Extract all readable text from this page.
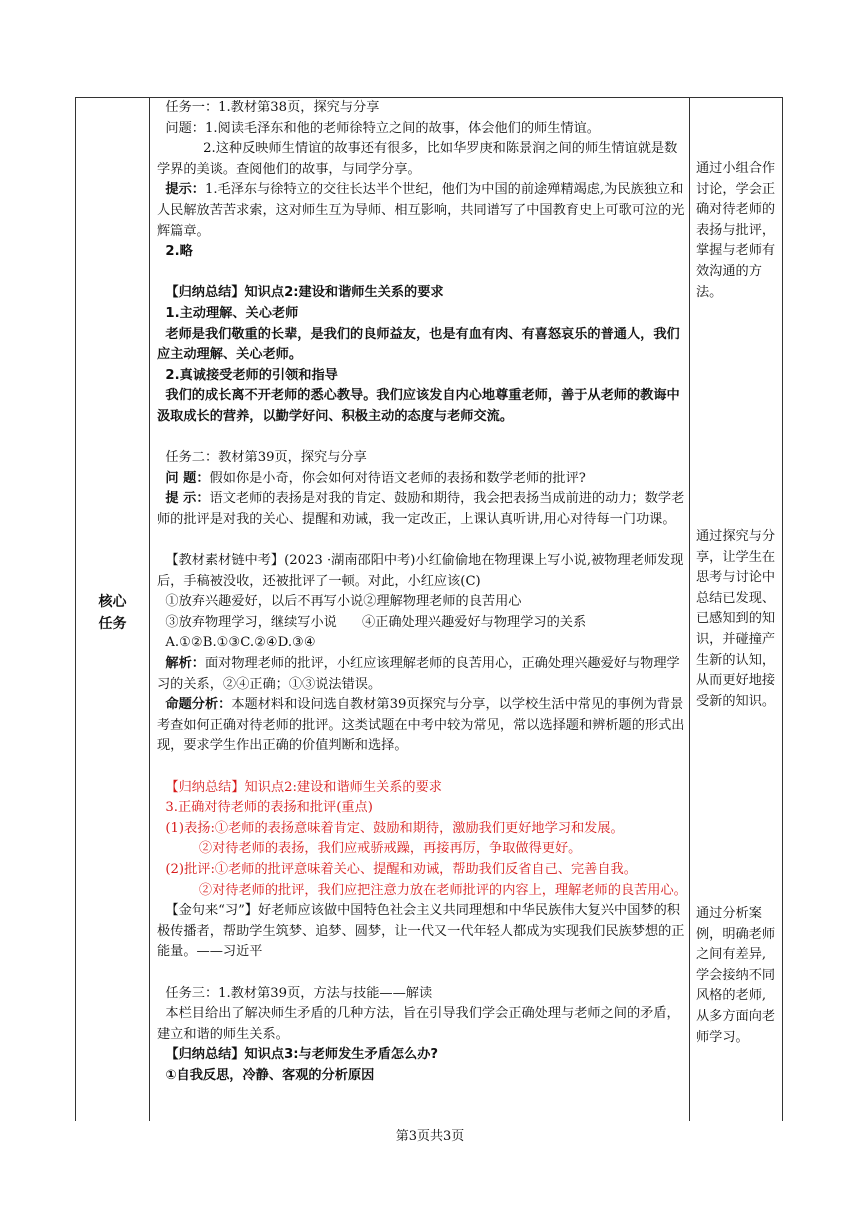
核心
任务

任务一：1.教材第38页，探究与分享

问题：1.阅读毛泽东和他的老师徐特立之间的故事，体会他们的师生情谊。

2.这种反映师生情谊的故事还有很多，比如华罗庚和陈景润之间的师生情谊就是数学界的美谈。查阅他们的故事，与同学分享。

提示：1.毛泽东与徐特立的交往长达半个世纪，他们为中国的前途殚精竭虑,为民族独立和人民解放苦苦求索，这对师生互为导师、相互影响，共同谱写了中国教育史上可歌可泣的光辉篇章。

2.略

【归纳总结】知识点2:建设和谐师生关系的要求

1.主动理解、关心老师

老师是我们敬重的长辈，是我们的良师益友，也是有血有肉、有喜怒哀乐的普通人，我们应主动理解、关心老师。

2.真诚接受老师的引领和指导

我们的成长离不开老师的悉心教导。我们应该发自内心地尊重老师，善于从老师的教诲中汲取成长的营养，以勤学好问、积极主动的态度与老师交流。

任务二：教材第39页，探究与分享

问 题：假如你是小奇，你会如何对待语文老师的表扬和数学老师的批评?

提 示：语文老师的表扬是对我的肯定、鼓励和期待，我会把表扬当成前进的动力；数学老师的批评是对我的关心、提醒和劝诫，我一定改正，上课认真听讲,用心对待每一门功课。

【教材素材链中考】(2023 ·湖南邵阳中考)小红偷偷地在物理课上写小说,被物理老师发现后，手稿被没收，还被批评了一顿。对此，小红应该(C)

①放弃兴趣爱好，以后不再写小说②理解物理老师的良苦用心

③放弃物理学习，继续写小说      ④正确处理兴趣爱好与物理学习的关系

A.①②B.①③C.②④D.③④

解析：面对物理老师的批评，小红应该理解老师的良苦用心，正确处理兴趣爱好与物理学习的关系，②④正确；①③说法错误。

命题分析：本题材料和设问选自教材第39页探究与分享，以学校生活中常见的事例为背景考查如何正确对待老师的批评。这类试题在中考中较为常见，常以选择题和辨析题的形式出现，要求学生作出正确的价值判断和选择。

【归纳总结】知识点2:建设和谐师生关系的要求

3.正确对待老师的表扬和批评(重点)

(1)表扬:①老师的表扬意味着肯定、鼓励和期待，激励我们更好地学习和发展。

②对待老师的表扬，我们应戒骄戒躁，再接再厉，争取做得更好。

(2)批评:①老师的批评意味着关心、提醒和劝诫，帮助我们反省自己、完善自我。

②对待老师的批评，我们应把注意力放在老师批评的内容上，理解老师的良苦用心。

【金句来“习”】好老师应该做中国特色社会主义共同理想和中华民族伟大复兴中国梦的积极传播者，帮助学生筑梦、追梦、圆梦，让一代又一代年轻人都成为实现我们民族梦想的正能量。——习近平

任务三：1.教材第39页，方法与技能——解读

本栏目给出了解决师生矛盾的几种方法，旨在引导我们学会正确处理与老师之间的矛盾，建立和谐的师生关系。

【归纳总结】知识点3:与老师发生矛盾怎么办?

①自我反思，冷静、客观的分析原因

通过小组合作讨论，学会正确对待老师的表扬与批评，掌握与老师有效沟通的方法。
通过探究与分享，让学生在思考与讨论中总结已发现、已感知到的知识，并碰撞产生新的认知，从而更好地接受新的知识。
通过分析案例，明确老师之间有差异,学会接纳不同风格的老师,从多方面向老师学习。
第3页共3页
